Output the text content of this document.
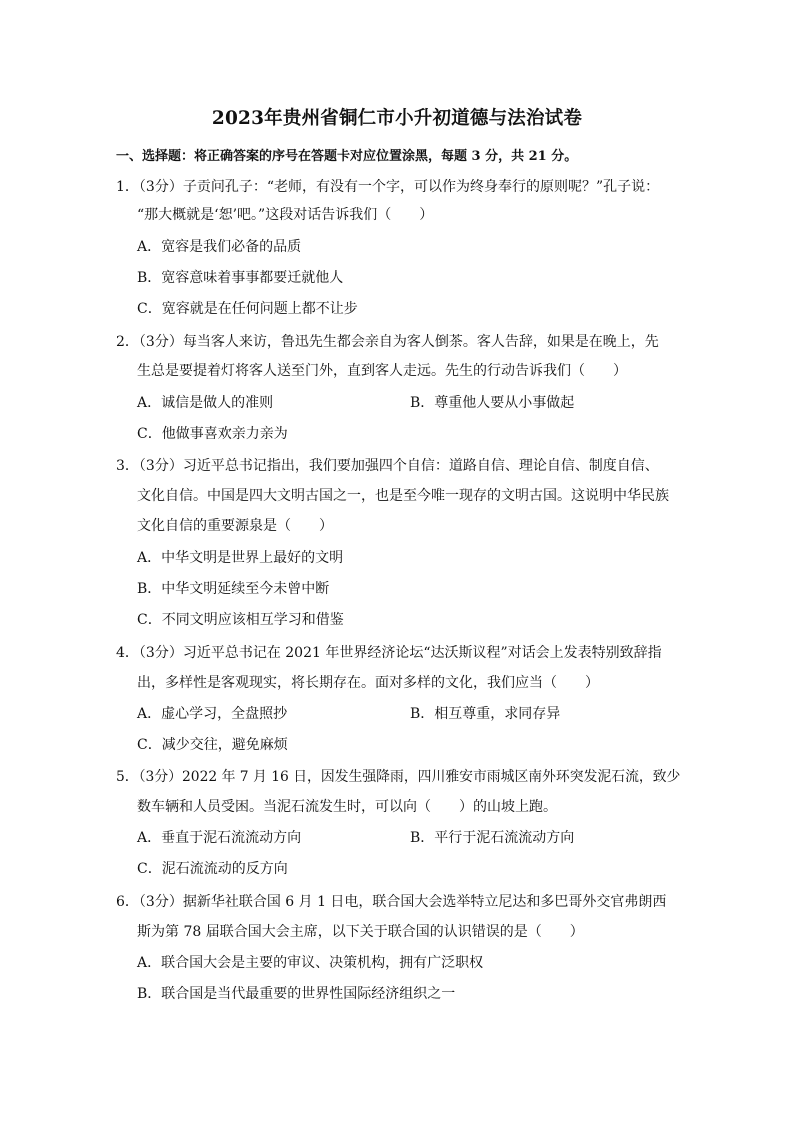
2023年贵州省铜仁市小升初道德与法治试卷
一、选择题：将正确答案的序号在答题卡对应位置涂黑，每题 3 分，共 21 分。
1．（3分）子贡问孔子：“老师，有没有一个字，可以作为终身奉行的原则呢？”孔子说：
“那大概就是‘恕’吧。”这段对话告诉我们（　　）
A．宽容是我们必备的品质
B．宽容意味着事事都要迁就他人
C．宽容就是在任何问题上都不让步
2．（3分）每当客人来访，鲁迅先生都会亲自为客人倒茶。客人告辞，如果是在晚上，先
生总是要提着灯将客人送至门外，直到客人走远。先生的行动告诉我们（　　）
A．诚信是做人的准则	B．尊重他人要从小事做起
C．他做事喜欢亲力亲为
3．（3分）习近平总书记指出，我们要加强四个自信：道路自信、理论自信、制度自信、
文化自信。中国是四大文明古国之一，也是至今唯一现存的文明古国。这说明中华民族
文化自信的重要源泉是（　　）
A．中华文明是世界上最好的文明
B．中华文明延续至今未曾中断
C．不同文明应该相互学习和借鉴
4．（3分）习近平总书记在 2021 年世界经济论坛“达沃斯议程”对话会上发表特别致辞指
出，多样性是客观现实，将长期存在。面对多样的文化，我们应当（　　）
A．虚心学习，全盘照抄	B．相互尊重，求同存异
C．减少交往，避免麻烦
5．（3分）2022 年 7 月 16 日，因发生强降雨，四川雅安市雨城区南外环突发泥石流，致少
数车辆和人员受困。当泥石流发生时，可以向（　　）的山坡上跑。
A．垂直于泥石流流动方向	B．平行于泥石流流动方向
C．泥石流流动的反方向
6．（3分）据新华社联合国 6 月 1 日电，联合国大会选举特立尼达和多巴哥外交官弗朗西
斯为第 78 届联合国大会主席，以下关于联合国的认识错误的是（　　）
A．联合国大会是主要的审议、决策机构，拥有广泛职权
B．联合国是当代最重要的世界性国际经济组织之一
